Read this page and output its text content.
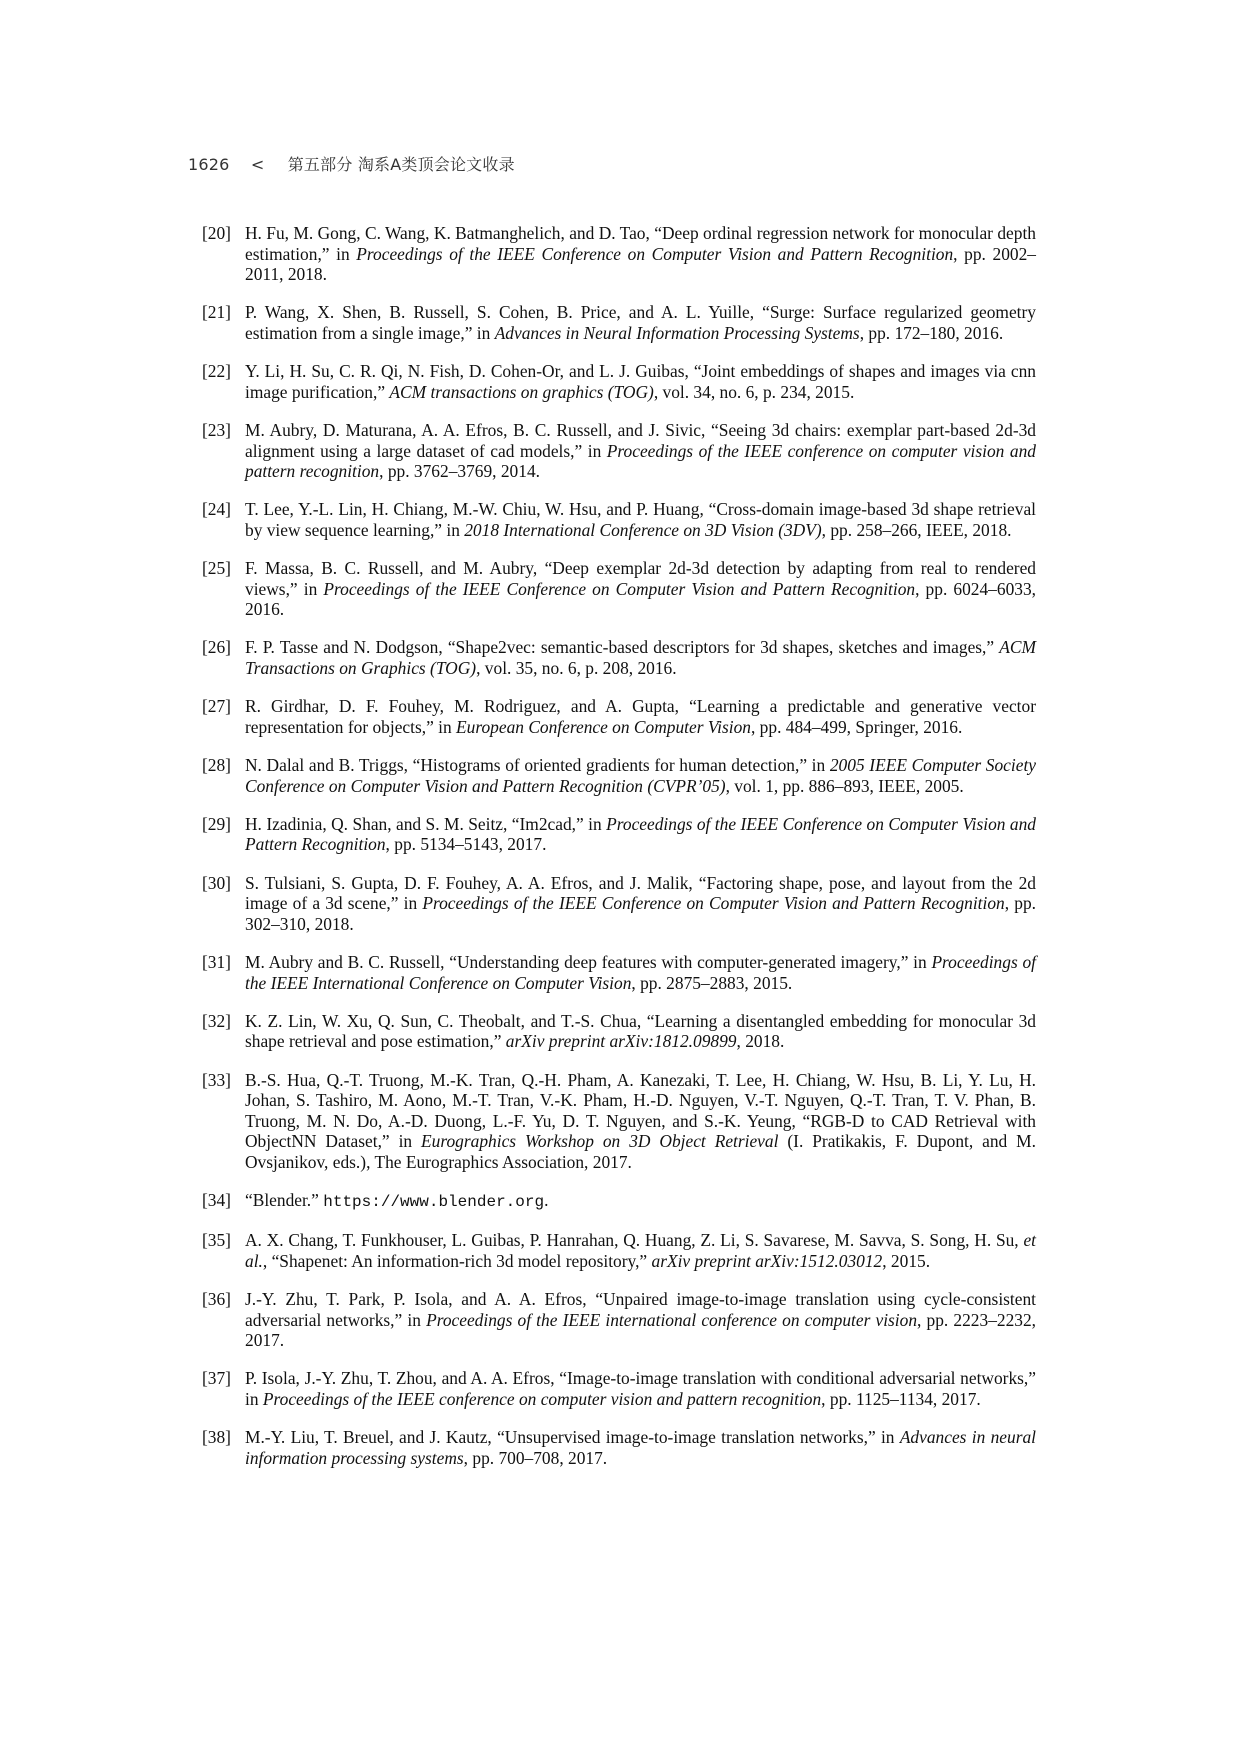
1626 < 第五部分 淘系A类顶会论文收录
[20] H. Fu, M. Gong, C. Wang, K. Batmanghelich, and D. Tao, “Deep ordinal regression network for monocular depth estimation,” in Proceedings of the IEEE Conference on Computer Vision and Pattern Recognition, pp. 2002–2011, 2018.
[21] P. Wang, X. Shen, B. Russell, S. Cohen, B. Price, and A. L. Yuille, “Surge: Surface regularized geometry estimation from a single image,” in Advances in Neural Information Processing Systems, pp. 172–180, 2016.
[22] Y. Li, H. Su, C. R. Qi, N. Fish, D. Cohen-Or, and L. J. Guibas, “Joint embeddings of shapes and images via cnn image purification,” ACM transactions on graphics (TOG), vol. 34, no. 6, p. 234, 2015.
[23] M. Aubry, D. Maturana, A. A. Efros, B. C. Russell, and J. Sivic, “Seeing 3d chairs: exemplar part-based 2d-3d alignment using a large dataset of cad models,” in Proceedings of the IEEE conference on computer vision and pattern recognition, pp. 3762–3769, 2014.
[24] T. Lee, Y.-L. Lin, H. Chiang, M.-W. Chiu, W. Hsu, and P. Huang, “Cross-domain image-based 3d shape retrieval by view sequence learning,” in 2018 International Conference on 3D Vision (3DV), pp. 258–266, IEEE, 2018.
[25] F. Massa, B. C. Russell, and M. Aubry, “Deep exemplar 2d-3d detection by adapting from real to rendered views,” in Proceedings of the IEEE Conference on Computer Vision and Pattern Recognition, pp. 6024–6033, 2016.
[26] F. P. Tasse and N. Dodgson, “Shape2vec: semantic-based descriptors for 3d shapes, sketches and images,” ACM Transactions on Graphics (TOG), vol. 35, no. 6, p. 208, 2016.
[27] R. Girdhar, D. F. Fouhey, M. Rodriguez, and A. Gupta, “Learning a predictable and generative vector representation for objects,” in European Conference on Computer Vision, pp. 484–499, Springer, 2016.
[28] N. Dalal and B. Triggs, “Histograms of oriented gradients for human detection,” in 2005 IEEE Computer Society Conference on Computer Vision and Pattern Recognition (CVPR’05), vol. 1, pp. 886–893, IEEE, 2005.
[29] H. Izadinia, Q. Shan, and S. M. Seitz, “Im2cad,” in Proceedings of the IEEE Conference on Computer Vision and Pattern Recognition, pp. 5134–5143, 2017.
[30] S. Tulsiani, S. Gupta, D. F. Fouhey, A. A. Efros, and J. Malik, “Factoring shape, pose, and layout from the 2d image of a 3d scene,” in Proceedings of the IEEE Conference on Computer Vision and Pattern Recognition, pp. 302–310, 2018.
[31] M. Aubry and B. C. Russell, “Understanding deep features with computer-generated imagery,” in Proceedings of the IEEE International Conference on Computer Vision, pp. 2875–2883, 2015.
[32] K. Z. Lin, W. Xu, Q. Sun, C. Theobalt, and T.-S. Chua, “Learning a disentangled embedding for monocular 3d shape retrieval and pose estimation,” arXiv preprint arXiv:1812.09899, 2018.
[33] B.-S. Hua, Q.-T. Truong, M.-K. Tran, Q.-H. Pham, A. Kanezaki, T. Lee, H. Chiang, W. Hsu, B. Li, Y. Lu, H. Johan, S. Tashiro, M. Aono, M.-T. Tran, V.-K. Pham, H.-D. Nguyen, V.-T. Nguyen, Q.-T. Tran, T. V. Phan, B. Truong, M. N. Do, A.-D. Duong, L.-F. Yu, D. T. Nguyen, and S.-K. Yeung, “RGB-D to CAD Retrieval with ObjectNN Dataset,” in Eurographics Workshop on 3D Object Retrieval (I. Pratikakis, F. Dupont, and M. Ovsjanikov, eds.), The Eurographics Association, 2017.
[34] “Blender.” https://www.blender.org.
[35] A. X. Chang, T. Funkhouser, L. Guibas, P. Hanrahan, Q. Huang, Z. Li, S. Savarese, M. Savva, S. Song, H. Su, et al., “Shapenet: An information-rich 3d model repository,” arXiv preprint arXiv:1512.03012, 2015.
[36] J.-Y. Zhu, T. Park, P. Isola, and A. A. Efros, “Unpaired image-to-image translation using cycle-consistent adversarial networks,” in Proceedings of the IEEE international conference on computer vision, pp. 2223–2232, 2017.
[37] P. Isola, J.-Y. Zhu, T. Zhou, and A. A. Efros, “Image-to-image translation with conditional adversarial networks,” in Proceedings of the IEEE conference on computer vision and pattern recognition, pp. 1125–1134, 2017.
[38] M.-Y. Liu, T. Breuel, and J. Kautz, “Unsupervised image-to-image translation networks,” in Advances in neural information processing systems, pp. 700–708, 2017.
